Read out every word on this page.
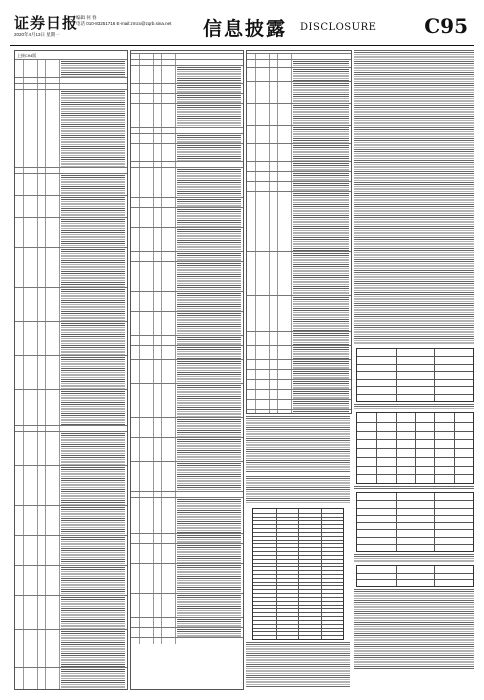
证券日报
编辑 何 春
电话 010-83251716 E-mail:zmzx@zqrb.sina.net
2020年4月13日 星期一	信息披露 DISCLOSURE C95
上接C94版
